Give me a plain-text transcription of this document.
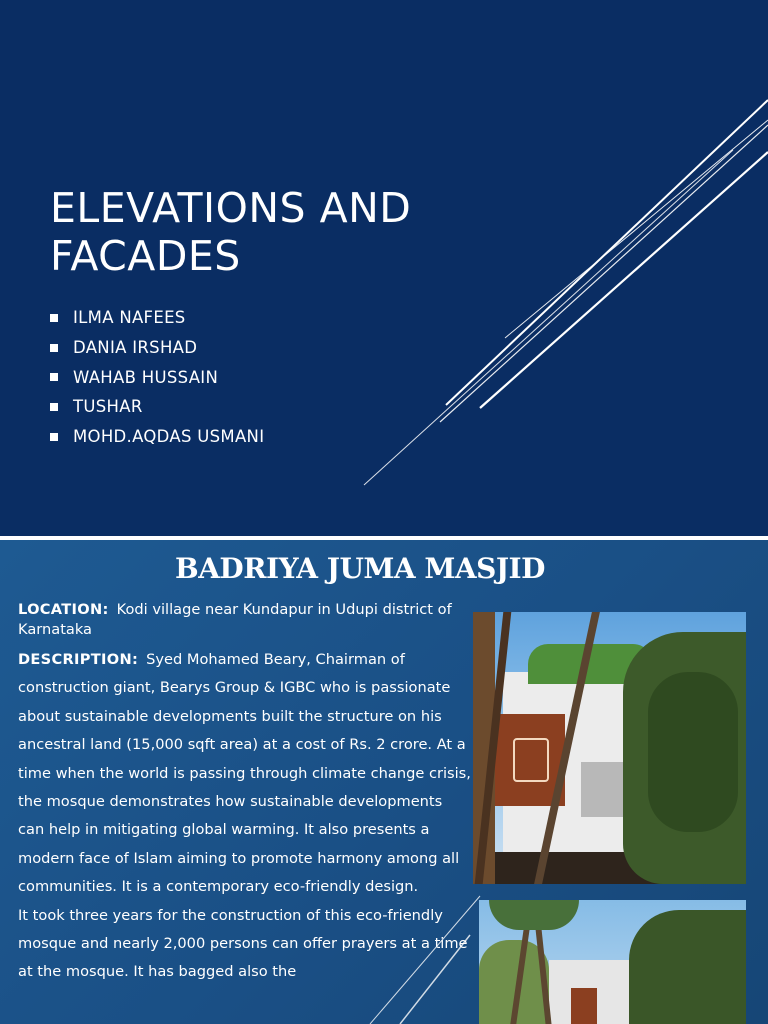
ELEVATIONS AND
FACADES
ILMA NAFEES
DANIA IRSHAD
WAHAB HUSSAIN
TUSHAR
MOHD.AQDAS USMANI
BADRIYA JUMA MASJID

LOCATION: Kodi village near Kundapur in Udupi district of Karnataka

DESCRIPTION: Syed Mohamed Beary, Chairman of construction giant, Bearys Group & IGBC who is passionate about sustainable developments built the structure on his ancestral land (15,000 sqft area) at a cost of Rs. 2 crore. At a time when the world is passing through climate change crisis, the mosque demonstrates how sustainable developments can help in mitigating global warming. It also presents a modern face of Islam aiming to promote harmony among all communities. It is a contemporary eco-friendly design.

It took three years for the construction of this eco-friendly mosque and nearly 2,000 persons can offer prayers at a time at the mosque. It has bagged also the
